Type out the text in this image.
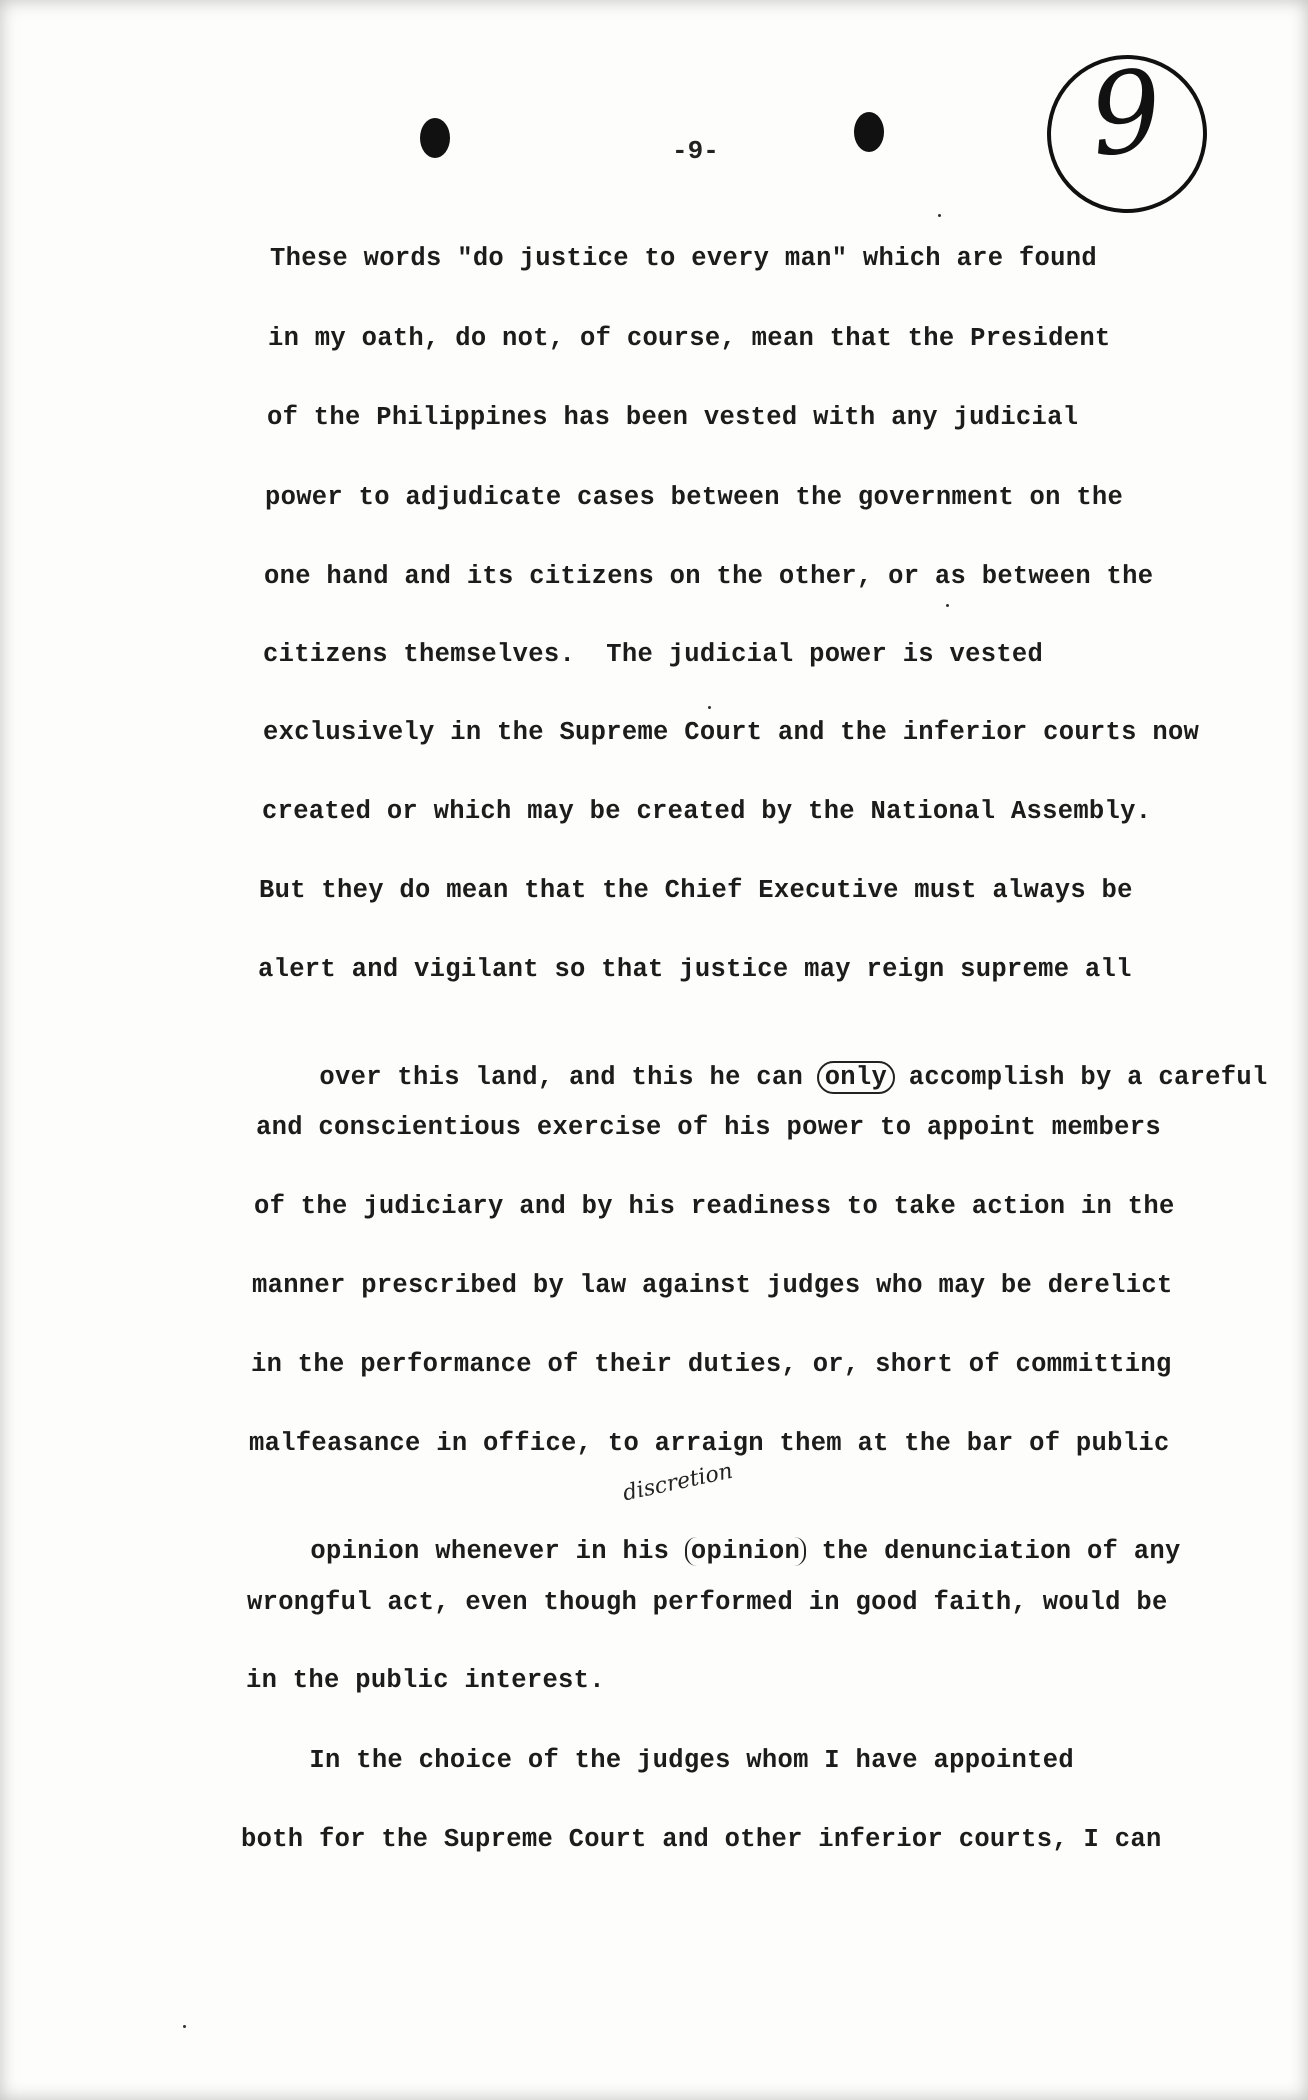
9
-9-
These words "do justice to every man" which are found
in my oath, do not, of course, mean that the President
of the Philippines has been vested with any judicial
power to adjudicate cases between the government on the
one hand and its citizens on the other, or as between the
citizens themselves.  The judicial power is vested
exclusively in the Supreme Court and the inferior courts now
created or which may be created by the National Assembly.
But they do mean that the Chief Executive must always be
alert and vigilant so that justice may reign supreme all

over this land, and this he can only accomplish by a careful

and conscientious exercise of his power to appoint members
of the judiciary and by his readiness to take action in the
manner prescribed by law against judges who may be derelict
in the performance of their duties, or, short of committing
malfeasance in office, to arraign them at the bar of public
discretion

opinion whenever in his opinion the denunciation of any

wrongful act, even though performed in good faith, would be
in the public interest.
In the choice of the judges whom I have appointed
both for the Supreme Court and other inferior courts, I can
